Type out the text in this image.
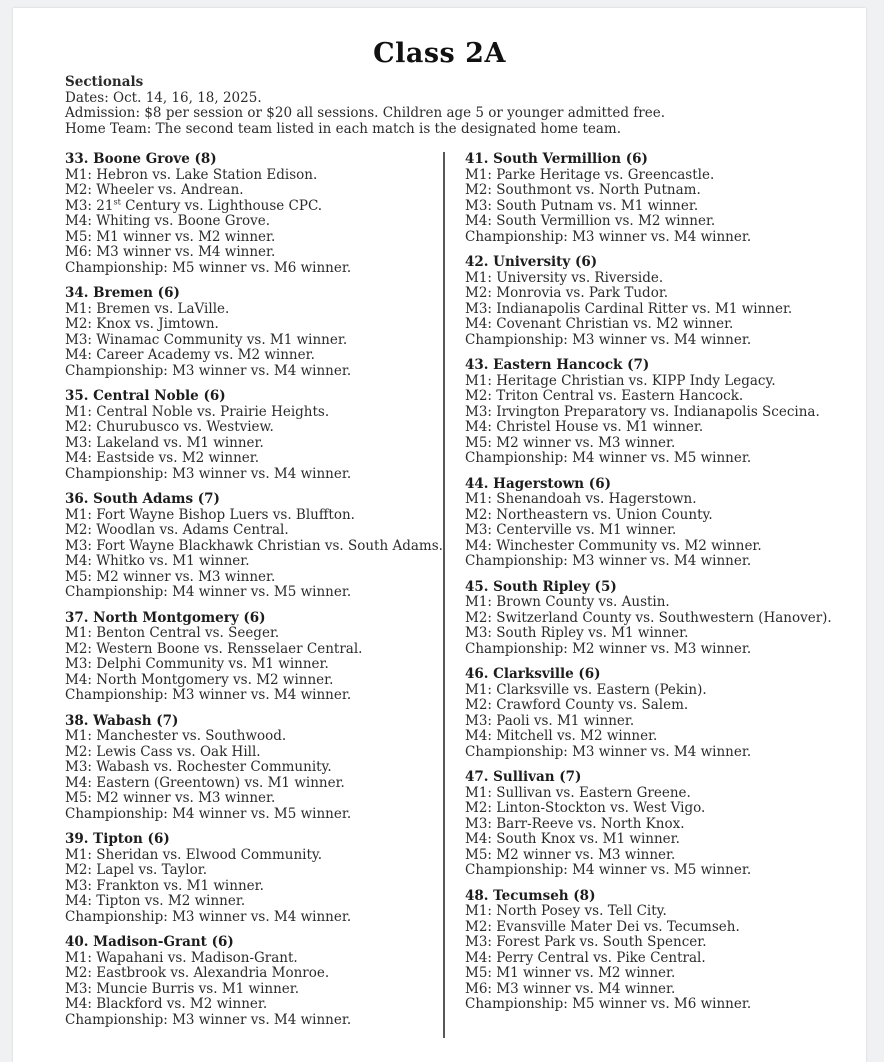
Class 2A
Sectionals
Dates: Oct. 14, 16, 18, 2025.
Admission: $8 per session or $20 all sessions. Children age 5 or younger admitted free.
Home Team: The second team listed in each match is the designated home team.
33. Boone Grove (8)
M1: Hebron vs. Lake Station Edison.
M2: Wheeler vs. Andrean.
M3: 21st Century vs. Lighthouse CPC.
M4: Whiting vs. Boone Grove.
M5: M1 winner vs. M2 winner.
M6: M3 winner vs. M4 winner.
Championship: M5 winner vs. M6 winner.
34. Bremen (6)
M1: Bremen vs. LaVille.
M2: Knox vs. Jimtown.
M3: Winamac Community vs. M1 winner.
M4: Career Academy vs. M2 winner.
Championship: M3 winner vs. M4 winner.
35. Central Noble (6)
M1: Central Noble vs. Prairie Heights.
M2: Churubusco vs. Westview.
M3: Lakeland vs. M1 winner.
M4: Eastside vs. M2 winner.
Championship: M3 winner vs. M4 winner.
36. South Adams (7)
M1: Fort Wayne Bishop Luers vs. Bluffton.
M2: Woodlan vs. Adams Central.
M3: Fort Wayne Blackhawk Christian vs. South Adams.
M4: Whitko vs. M1 winner.
M5: M2 winner vs. M3 winner.
Championship: M4 winner vs. M5 winner.
37. North Montgomery (6)
M1: Benton Central vs. Seeger.
M2: Western Boone vs. Rensselaer Central.
M3: Delphi Community vs. M1 winner.
M4: North Montgomery vs. M2 winner.
Championship: M3 winner vs. M4 winner.
38. Wabash (7)
M1: Manchester vs. Southwood.
M2: Lewis Cass vs. Oak Hill.
M3: Wabash vs. Rochester Community.
M4: Eastern (Greentown) vs. M1 winner.
M5: M2 winner vs. M3 winner.
Championship: M4 winner vs. M5 winner.
39. Tipton (6)
M1: Sheridan vs. Elwood Community.
M2: Lapel vs. Taylor.
M3: Frankton vs. M1 winner.
M4: Tipton vs. M2 winner.
Championship: M3 winner vs. M4 winner.
40. Madison-Grant (6)
M1: Wapahani vs. Madison-Grant.
M2: Eastbrook vs. Alexandria Monroe.
M3: Muncie Burris vs. M1 winner.
M4: Blackford vs. M2 winner.
Championship: M3 winner vs. M4 winner.
41. South Vermillion (6)
M1: Parke Heritage vs. Greencastle.
M2: Southmont vs. North Putnam.
M3: South Putnam vs. M1 winner.
M4: South Vermillion vs. M2 winner.
Championship: M3 winner vs. M4 winner.
42. University (6)
M1: University vs. Riverside.
M2: Monrovia vs. Park Tudor.
M3: Indianapolis Cardinal Ritter vs. M1 winner.
M4: Covenant Christian vs. M2 winner.
Championship: M3 winner vs. M4 winner.
43. Eastern Hancock (7)
M1: Heritage Christian vs. KIPP Indy Legacy.
M2: Triton Central vs. Eastern Hancock.
M3: Irvington Preparatory vs. Indianapolis Scecina.
M4: Christel House vs. M1 winner.
M5: M2 winner vs. M3 winner.
Championship: M4 winner vs. M5 winner.
44. Hagerstown (6)
M1: Shenandoah vs. Hagerstown.
M2: Northeastern vs. Union County.
M3: Centerville vs. M1 winner.
M4: Winchester Community vs. M2 winner.
Championship: M3 winner vs. M4 winner.
45. South Ripley (5)
M1: Brown County vs. Austin.
M2: Switzerland County vs. Southwestern (Hanover).
M3: South Ripley vs. M1 winner.
Championship: M2 winner vs. M3 winner.
46. Clarksville (6)
M1: Clarksville vs. Eastern (Pekin).
M2: Crawford County vs. Salem.
M3: Paoli vs. M1 winner.
M4: Mitchell vs. M2 winner.
Championship: M3 winner vs. M4 winner.
47. Sullivan (7)
M1: Sullivan vs. Eastern Greene.
M2: Linton-Stockton vs. West Vigo.
M3: Barr-Reeve vs. North Knox.
M4: South Knox vs. M1 winner.
M5: M2 winner vs. M3 winner.
Championship: M4 winner vs. M5 winner.
48. Tecumseh (8)
M1: North Posey vs. Tell City.
M2: Evansville Mater Dei vs. Tecumseh.
M3: Forest Park vs. South Spencer.
M4: Perry Central vs. Pike Central.
M5: M1 winner vs. M2 winner.
M6: M3 winner vs. M4 winner.
Championship: M5 winner vs. M6 winner.
